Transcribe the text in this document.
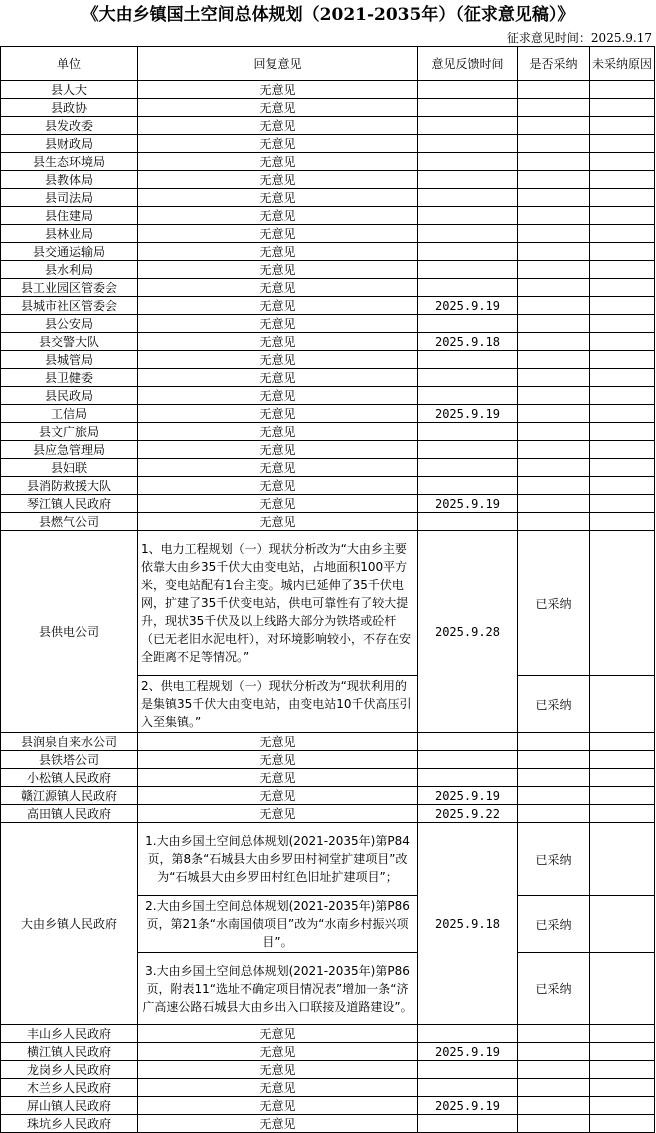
《大由乡镇国土空间总体规划（2021-2035年）（征求意见稿）》
征求意见时间：2025.9.17
单位	回复意见	意见反馈时间	是否采纳	未采纳原因
县人大	无意见			
县政协	无意见			
县发改委	无意见			
县财政局	无意见			
县生态环境局	无意见			
县教体局	无意见			
县司法局	无意见			
县住建局	无意见			
县林业局	无意见			
县交通运输局	无意见			
县水利局	无意见			
县工业园区管委会	无意见			
县城市社区管委会	无意见	2025.9.19		
县公安局	无意见			
县交警大队	无意见	2025.9.18		
县城管局	无意见			
县卫健委	无意见			
县民政局	无意见			
工信局	无意见	2025.9.19		
县文广旅局	无意见			
县应急管理局	无意见			
县妇联	无意见			
县消防救援大队	无意见			
琴江镇人民政府	无意见	2025.9.19		
县燃气公司	无意见			
县供电公司	1、电力工程规划（一）现状分析改为“大由乡主要依靠大由乡35千伏大由变电站，占地面积100平方米，变电站配有1台主变。城内已延伸了35千伏电网，扩建了35千伏变电站，供电可靠性有了较大提升，现状35千伏及以上线路大部分为铁塔或砼杆（已无老旧水泥电杆），对环境影响较小，不存在安全距离不足等情况。”	2025.9.28	已采纳	
	2、供电工程规划（一）现状分析改为“现状利用的是集镇35千伏大由变电站，由变电站10千伏高压引入至集镇。”		已采纳	
县润泉自来水公司	无意见			
县铁塔公司	无意见			
小松镇人民政府	无意见			
赣江源镇人民政府	无意见	2025.9.19		
高田镇人民政府	无意见	2025.9.22		
大由乡镇人民政府	1.大由乡国土空间总体规划(2021-2035年)第P84页，第8条“石城县大由乡罗田村祠堂扩建项目”改为“石城县大由乡罗田村红色旧址扩建项目”；	2025.9.18	已采纳	
	2.大由乡国土空间总体规划(2021-2035年)第P86页，第21条“水南国债项目”改为“水南乡村振兴项目”。		已采纳	
	3.大由乡国土空间总体规划(2021-2035年)第P86页，附表11“选址不确定项目情况表”增加一条“济广高速公路石城县大由乡出入口联接及道路建设”。		已采纳	
丰山乡人民政府	无意见			
横江镇人民政府	无意见	2025.9.19		
龙岗乡人民政府	无意见			
木兰乡人民政府	无意见			
屏山镇人民政府	无意见	2025.9.19		
珠坑乡人民政府	无意见			
